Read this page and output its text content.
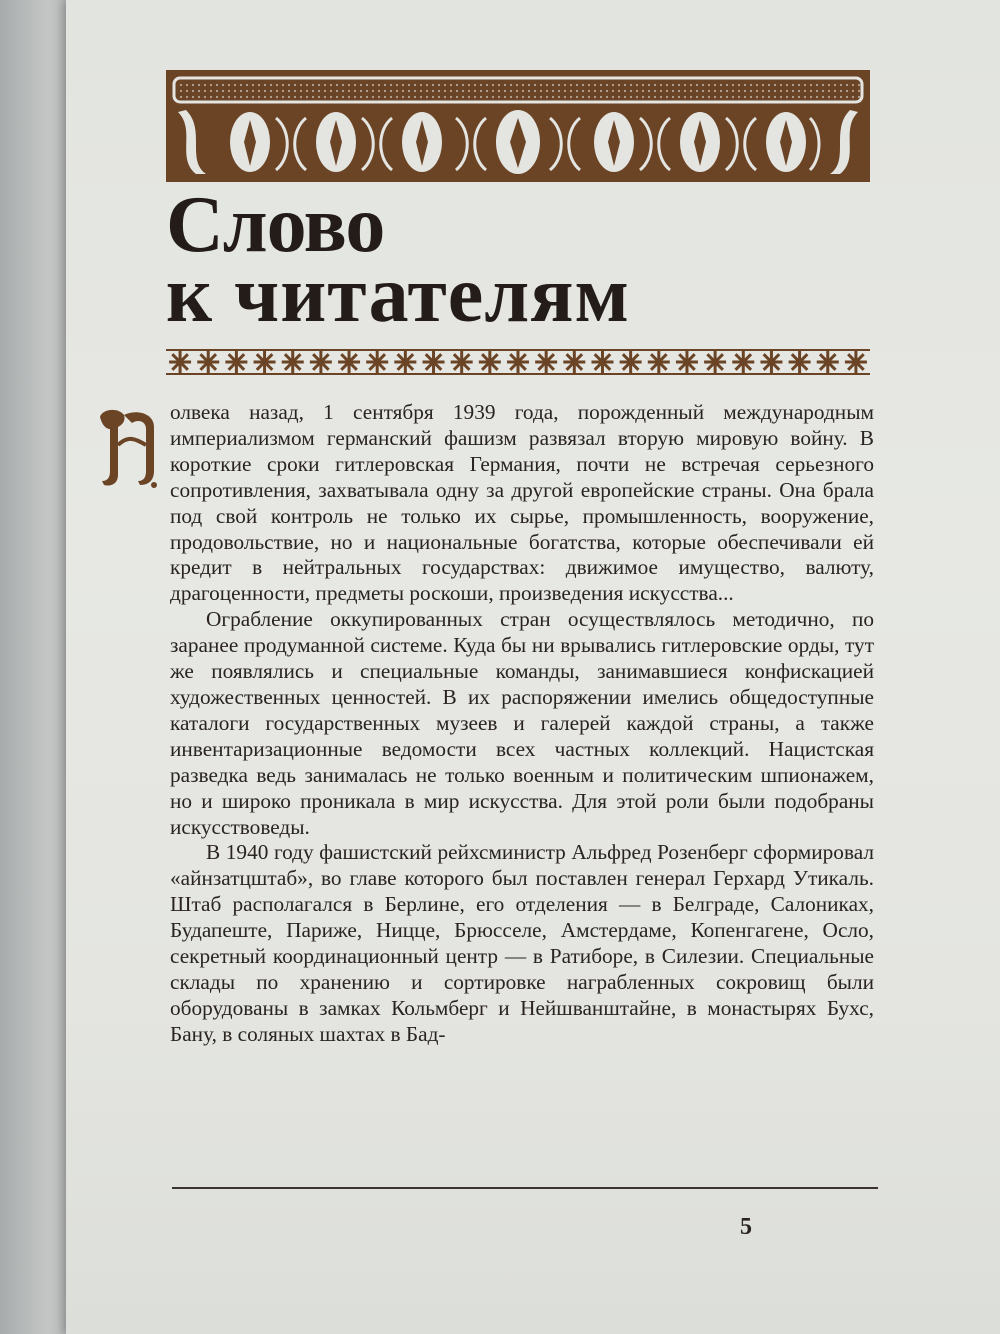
Слово
к читателям

олвека назад, 1 сентября 1939 года, порожденный международным империализмом германский фашизм развязал вторую мировую войну. В короткие сроки гитлеровская Германия, почти не встречая серьезного сопротивления, захватывала одну за другой европейские страны. Она брала под свой контроль не только их сырье, промышленность, вооружение, продовольствие, но и национальные богатства, которые обеспечивали ей кредит в нейтральных государствах: движимое имущество, валюту, драгоценности, предметы роскоши, произведения искусства...

Ограбление оккупированных стран осуществлялось методично, по заранее продуманной системе. Куда бы ни врывались гитлеровские орды, тут же появлялись и специальные команды, занимавшиеся конфискацией художественных ценностей. В их распоряжении имелись общедоступные каталоги государственных музеев и галерей каждой страны, а также инвентаризационные ведомости всех частных коллекций. Нацистская разведка ведь занималась не только военным и политическим шпионажем, но и широко проникала в мир искусства. Для этой роли были подобраны искусствоведы.

В 1940 году фашистский рейхсминистр Альфред Розенберг сформировал «айнзатцштаб», во главе которого был поставлен генерал Герхард Утикаль. Штаб располагался в Берлине, его отделения — в Белграде, Салониках, Будапеште, Париже, Ницце, Брюсселе, Амстердаме, Копенгагене, Осло, секретный координационный центр — в Ратиборе, в Силезии. Специальные склады по хранению и сортировке награбленных сокровищ были оборудованы в замках Кольмберг и Нейшванштайне, в монастырях Бухс, Бану, в соляных шахтах в Бад-

5
